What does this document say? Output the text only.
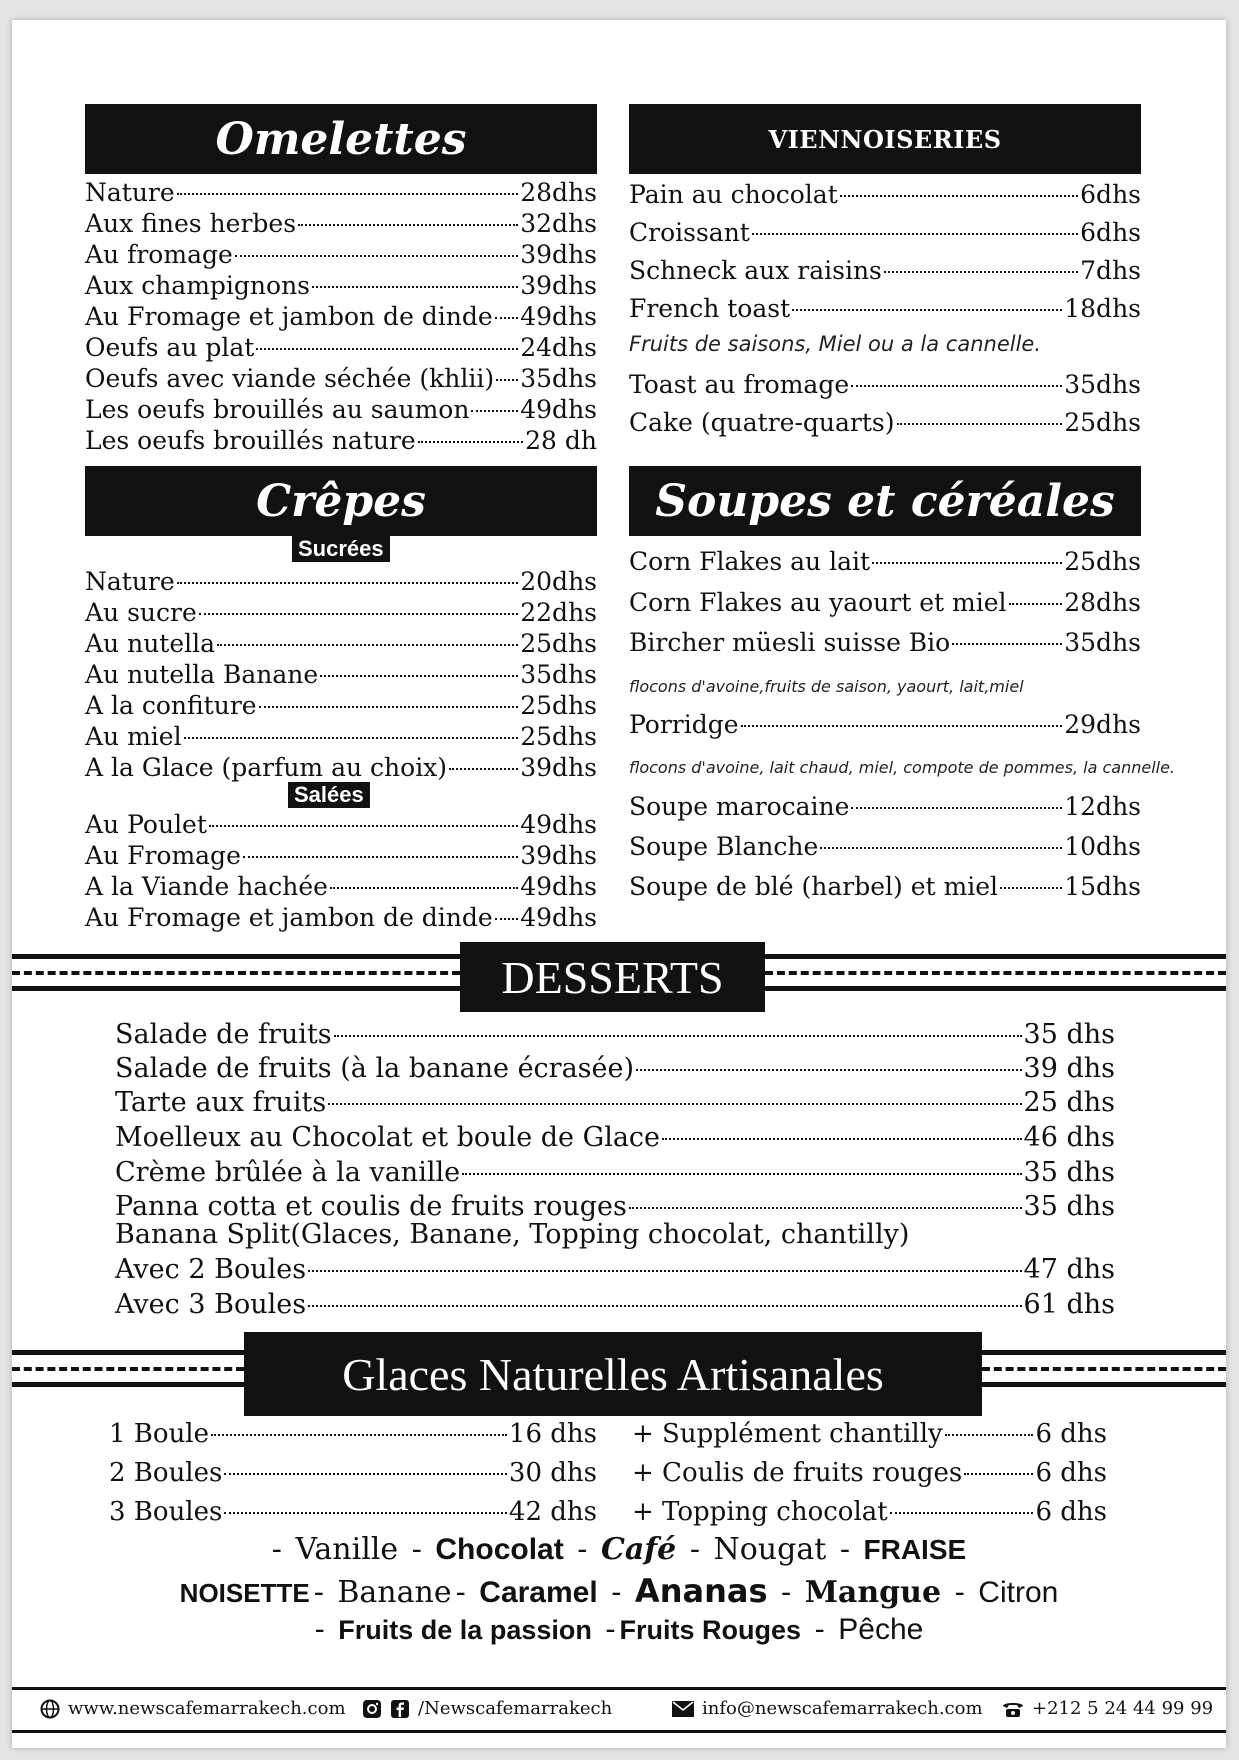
Omelettes
Nature	28dhs
Aux fines herbes	32dhs
Au fromage	39dhs
Aux champignons	39dhs
Au Fromage et jambon de dinde 49dhs
Oeufs au plat	24dhs
Oeufs avec viande séchée (khlii) 35dhs
Les oeufs brouillés au saumon 49dhs
Les oeufs brouillés nature	28 dh
VIENNOISERIES
Pain au chocolat	6dhs
Croissant	6dhs
Schneck aux raisins	7dhs
French toast	18dhs
Toast au fromage	35dhs
Cake (quatre-quarts)	25dhs
Fruits de saisons, Miel ou a la cannelle.
Crêpes
Sucrées
Nature	20dhs
Au sucre	22dhs
Au nutella	25dhs
Au nutella Banane	35dhs
A la confiture	25dhs
Au miel	25dhs
A la Glace (parfum au choix)	39dhs
Salées
Au Poulet	49dhs
Au Fromage	39dhs
A la Viande hachée	49dhs
Au Fromage et jambon de dinde 49dhs
Soupes et céréales
Corn Flakes au lait	25dhs
Corn Flakes au yaourt et miel 28dhs
Bircher müesli suisse Bio	35dhs
Porridge	29dhs
Soupe marocaine	12dhs
Soupe Blanche	10dhs
Soupe de blé (harbel) et miel	15dhs
flocons d'avoine,fruits de saison, yaourt, lait,miel
flocons d'avoine, lait chaud, miel, compote de pommes, la cannelle.
DESSERTS
Salade de fruits	35 dhs
Salade de fruits (à la banane écrasée)	39 dhs
Tarte aux fruits	25 dhs
Moelleux au Chocolat et boule de Glace	46 dhs
Crème brûlée à la vanille	35 dhs
Panna cotta et coulis de fruits rouges	35 dhs
Banana Split(Glaces, Banane, Topping chocolat, chantilly)
Avec 2 Boules	47 dhs
Avec 3 Boules	61 dhs
Glaces Naturelles Artisanales
1 Boule	16 dhs
2 Boules	30 dhs
3 Boules	42 dhs
+ Supplément chantilly	6 dhs
+ Coulis de fruits rouges	6 dhs
+ Topping chocolat	6 dhs
- Vanille - Chocolat - Café - Nougat - FRAISE
NOISETTE - Banane - Caramel - Ananas - Mangue - Citron
- Fruits de la passion - Fruits Rouges - Pêche
www.newscafemarrakech.com	/Newscafemarrakech	info@newscafemarrakech.com	+212 5 24 44 99 99
